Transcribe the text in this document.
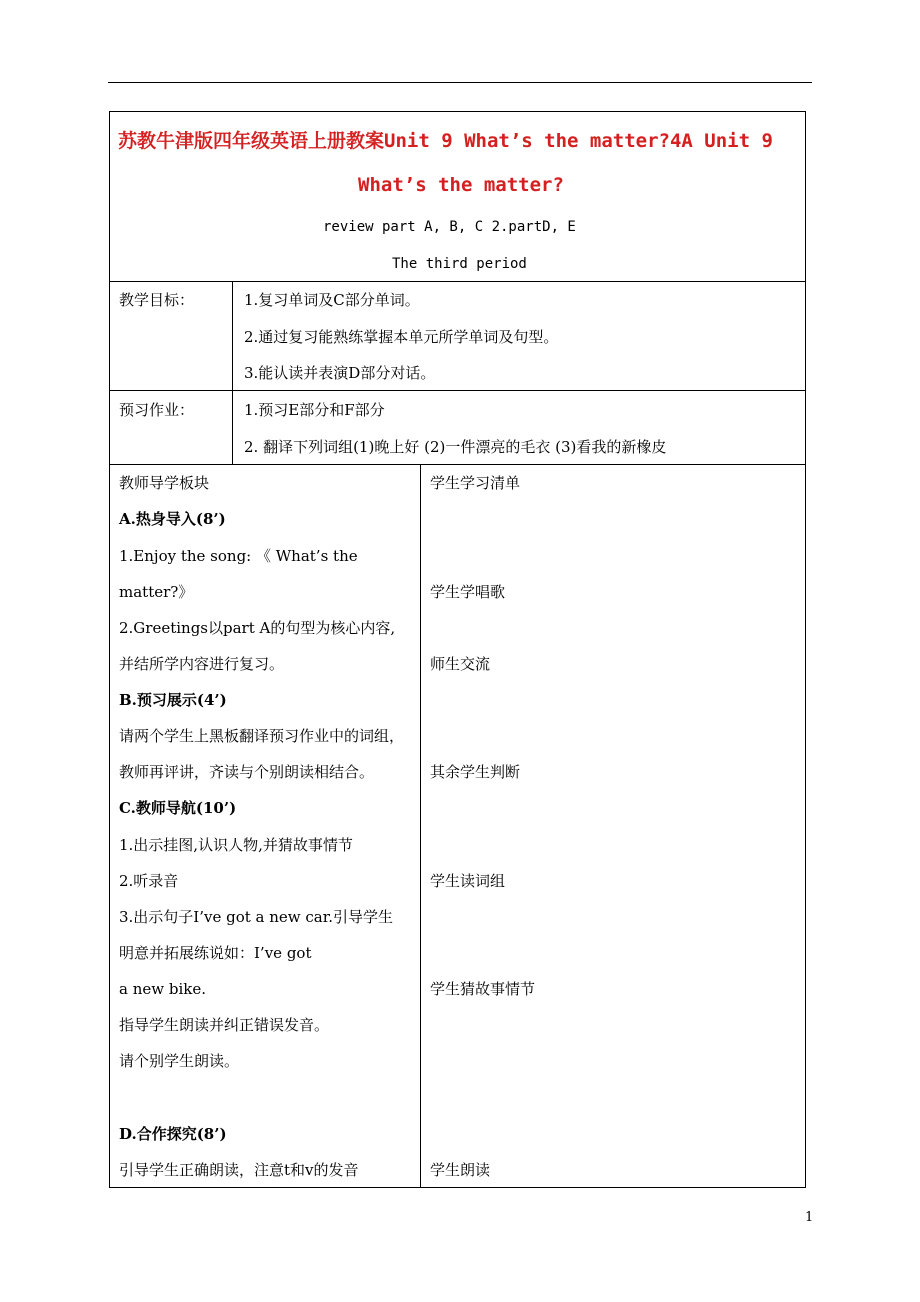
苏教牛津版四年级英语上册教案Unit 9 What’s the matter?4A Unit 9
What’s the matter?
review part A, B, C 2.partD, E
The third period
教学目标：	1.复习单词及C部分单词。
2.通过复习能熟练掌握本单元所学单词及句型。
3.能认读并表演D部分对话。
预习作业：	1.预习E部分和F部分
2. 翻译下列词组(1)晚上好 (2)一件漂亮的毛衣 (3)看我的新橡皮
教师导学板块
A.热身导入(8’)
1.Enjoy the song: 《 What’s the
matter?》
2.Greetings以part A的句型为核心内容,
并结所学内容进行复习。
B.预习展示(4’)
请两个学生上黑板翻译预习作业中的词组，
教师再评讲，齐读与个别朗读相结合。
C.教师导航(10’)
1.出示挂图,认识人物,并猜故事情节
2.听录音
3.出示句子I’ve got a new car.引导学生
明意并拓展练说如：I’ve got
a new bike.
指导学生朗读并纠正错误发音。
请个别学生朗读。
D.合作探究(8’)
引导学生正确朗读，注意t和v的发音
学生学习清单
学生学唱歌
师生交流
其余学生判断
学生读词组
学生猜故事情节
学生朗读
1
